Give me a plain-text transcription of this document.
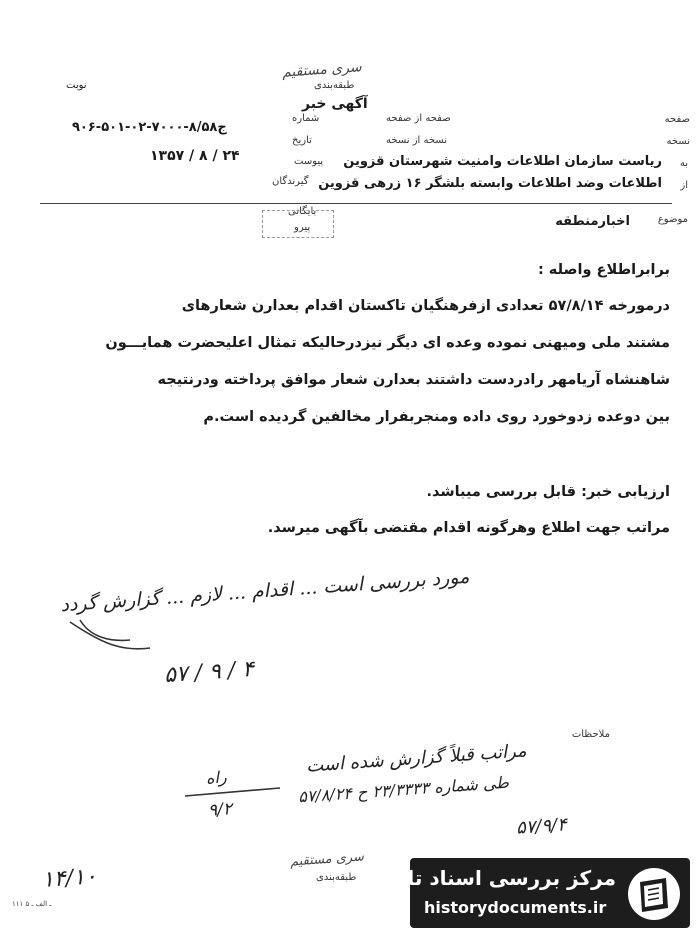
سری مستقیم
طبقه‌بندی
نوبت
آگهی خبر
صفحه
نسخه
صفحه از صفحه
نسخه از نسخه
شماره
۹۰۶-۵۰۱-۰۲-۷۰۰۰-ج۸/۵۸
تاریخ
۱۳۵۷ / ۸ / ۲۴	پیوست
گیرندگان
به
ریاست سازمان اطلاعات وامنیت شهرستان قزوین
از
اطلاعات وضد اطلاعات وابسته بلشگر ۱۶ زرهی قزوین
بایگانی
پیرو
موضوع
اخبارمنطقه
برابراطلاع واصله :
درمورخه ۵۷/۸/۱۴ تعدادی ازفرهنگیان تاکستان اقدام بعدارن شعارهای
مشتند ملی ومیهنی نموده وعده ای دیگر نیزدرحالیکه تمثال اعلیحضرت همایـــون
شاهنشاه آریامهر رادردست داشتند بعدارن شعار موافق پرداخته ودرنتیجه
بین دوعده زدوخورد روی داده ومنجربفرار مخالفین گردیده است.م
ارزیابی خبر: قابل بررسی میباشد.
مراتب جهت اطلاع وهرگونه اقدام مقتضی بآگهی میرسد.
مورد بررسی است ... اقدام ... لازم ... گزارش گردد
۵۷ / ۹ / ۴
ملاحظات
مراتب قبلاً گزارش شده است
طی شماره ۲۳/۳۳۳۳ ح ۵۷/۸/۲۴
راه
۹/۲
۵۷/۹/۴
۱۴/۱۰
سری مستقیم
طبقه‌بندی
۱۱۱ ـ الف ـ ۵
مرکز بررسی اسناد تاریخی
historydocuments.ir
